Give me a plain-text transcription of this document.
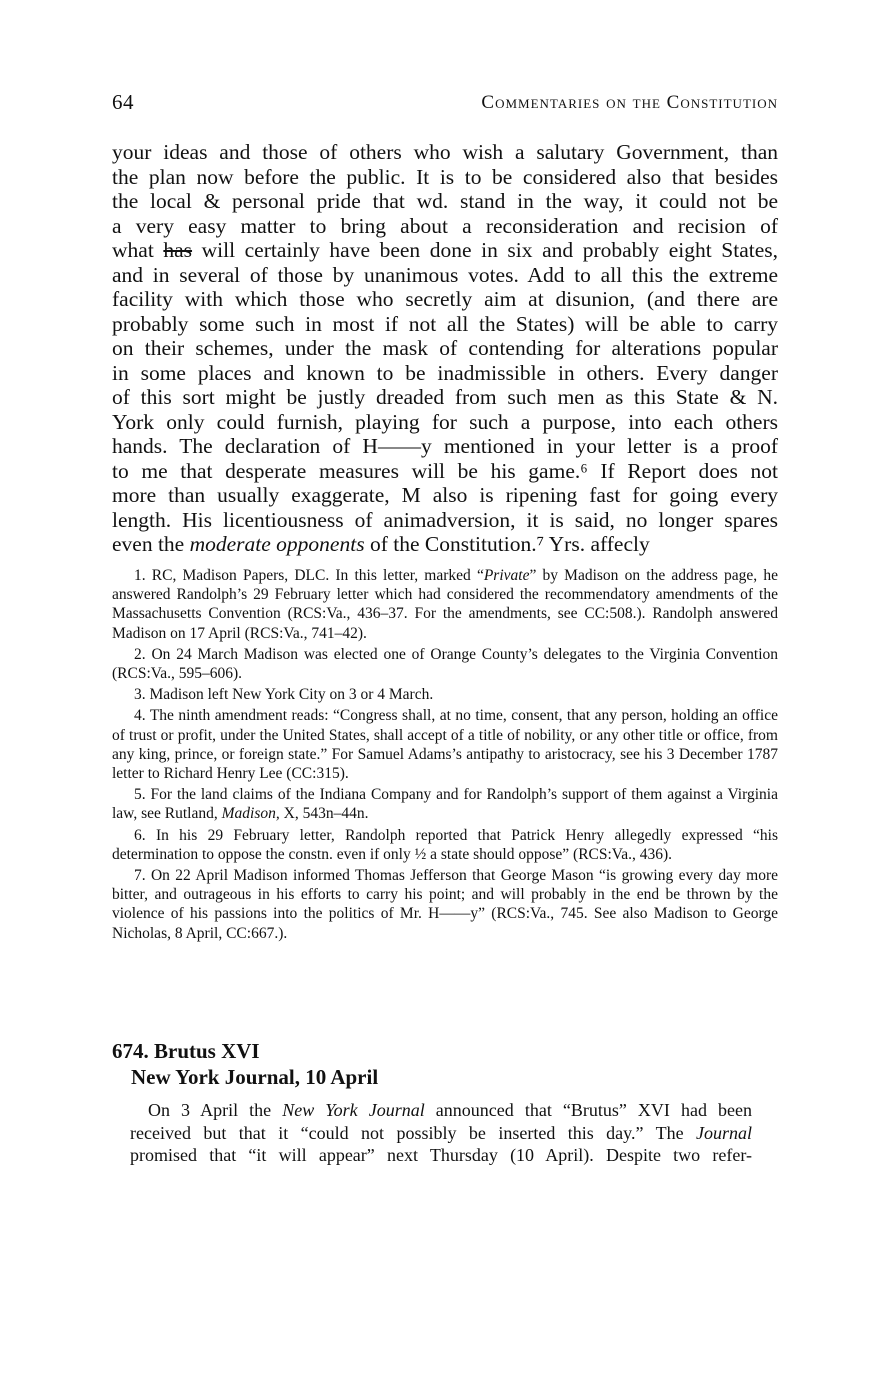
64	Commentaries on the Constitution
your ideas and those of others who wish a salutary Government, than
the plan now before the public. It is to be considered also that besides
the local & personal pride that wd. stand in the way, it could not be
a very easy matter to bring about a reconsideration and recision of
what has will certainly have been done in six and probably eight States,
and in several of those by unanimous votes. Add to all this the extreme
facility with which those who secretly aim at disunion, (and there are
probably some such in most if not all the States) will be able to carry
on their schemes, under the mask of contending for alterations popular
in some places and known to be inadmissible in others. Every danger
of this sort might be justly dreaded from such men as this State & N.
York only could furnish, playing for such a purpose, into each others
hands. The declaration of H——y mentioned in your letter is a proof
to me that desperate measures will be his game.⁶ If Report does not
more than usually exaggerate, M also is ripening fast for going every
length. His licentiousness of animadversion, it is said, no longer spares
even the moderate opponents of the Constitution.⁷ Yrs. affecly

1. RC, Madison Papers, DLC. In this letter, marked “Private” by Madison on the address page, he answered Randolph’s 29 February letter which had considered the recommendatory amendments of the Massachusetts Convention (RCS:Va., 436–37. For the amendments, see CC:508.). Randolph answered Madison on 17 April (RCS:Va., 741–42).

2. On 24 March Madison was elected one of Orange County’s delegates to the Virginia Convention (RCS:Va., 595–606).

3. Madison left New York City on 3 or 4 March.

4. The ninth amendment reads: “Congress shall, at no time, consent, that any person, holding an office of trust or profit, under the United States, shall accept of a title of nobility, or any other title or office, from any king, prince, or foreign state.” For Samuel Adams’s antipathy to aristocracy, see his 3 December 1787 letter to Richard Henry Lee (CC:315).

5. For the land claims of the Indiana Company and for Randolph’s support of them against a Virginia law, see Rutland, Madison, X, 543n–44n.

6. In his 29 February letter, Randolph reported that Patrick Henry allegedly expressed “his determination to oppose the constn. even if only ½ a state should oppose” (RCS:Va., 436).

7. On 22 April Madison informed Thomas Jefferson that George Mason “is growing every day more bitter, and outrageous in his efforts to carry his point; and will probably in the end be thrown by the violence of his passions into the politics of Mr. H——y” (RCS:Va., 745. See also Madison to George Nicholas, 8 April, CC:667.).

674. Brutus XVI
New York Journal, 10 April
On 3 April the New York Journal announced that “Brutus” XVI had been
received but that it “could not possibly be inserted this day.” The Journal
promised that “it will appear” next Thursday (10 April). Despite two refer-
